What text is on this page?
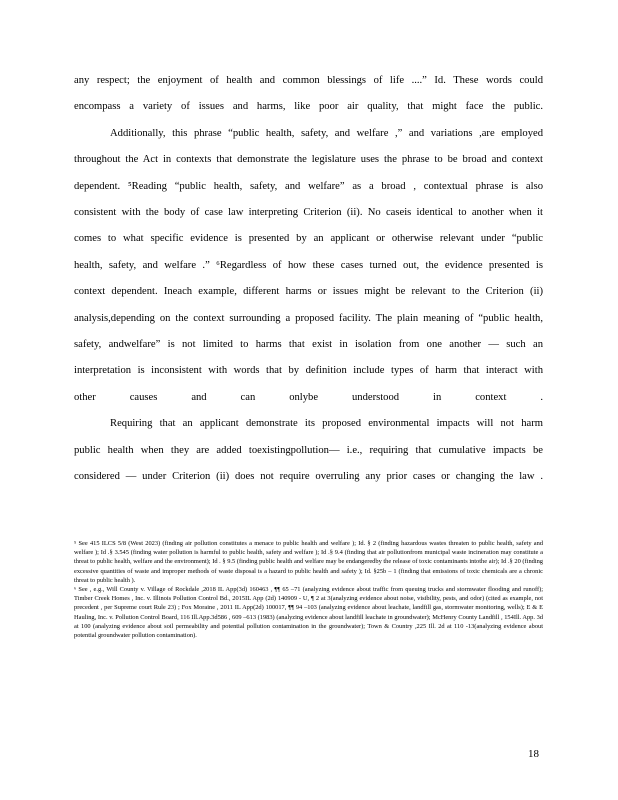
any respect; the enjoyment of health and common blessings of life ....” Id. These words could encompass a variety of issues and harms, like poor air quality, that might face the public.

Additionally, this phrase “public health, safety, and welfare ,” and variations ,are employed throughout the Act in contexts that demonstrate the legislature uses the phrase to be broad and context dependent. ⁵Reading “public health, safety, and welfare” as a broad , contextual phrase is also consistent with the body of case law interpreting Criterion (ii). No caseis identical to another when it comes to what specific evidence is presented by an applicant or otherwise relevant under “public health, safety, and welfare .” ⁶Regardless of how these cases turned out, the evidence presented is context dependent. Ineach example, different harms or issues might be relevant to the Criterion (ii) analysis,depending on the context surrounding a proposed facility. The plain meaning of “public health, safety, andwelfare” is not limited to harms that exist in isolation from one another — such an interpretation is inconsistent with words that by definition include types of harm that interact with other causes and can onlybe understood in context .

Requiring that an applicant demonstrate its proposed environmental impacts will not harm public health when they are added toexistingpollution— i.e., requiring that cumulative impacts be considered — under Criterion (ii) does not require overruling any prior cases or changing the law .

⁵ See 415 ILCS 5/8 (West 2023) (finding air pollution constitutes a menace to public health and welfare ); Id. § 2 (finding hazardous wastes threaten to public health, safety and welfare ); Id .§ 3.545 (finding water pollution is harmful to public health, safety and welfare ); Id .§ 9.4 (finding that air pollutionfrom municipal waste incineration may constitute a threat to public health, welfare and the environment); Id . § 9.5 (finding public health and welfare may be endangeredby the release of toxic contaminants intothe air); Id .§ 20 (finding excessive quantities of waste and improper methods of waste disposal is a hazard to public health and safety ); Id. §25b – 1 (finding that emissions of toxic chemicals are a chronic threat to public health ).

⁶ See , e.g., Will County v. Village of Rockdale ,2018 IL App(3d) 160463 , ¶¶ 65 –71 (analyzing evidence about traffic from queuing trucks and stormwater flooding and runoff); Timber Creek Homes , Inc. v. Illinois Pollution Control Bd., 2015IL App (2d) 140909 - U, ¶ 2 at 3(analyzing evidence about noise, visibility, pests, and odor) (cited as example, not precedent , per Supreme court Rule 23) ; Fox Moraine , 2011 IL App(2d) 100017, ¶¶ 94 –103 (analyzing evidence about leachate, landfill gas, stormwater monitoring, wells); E & E Hauling, Inc. v. Pollution Control Board, 116 Ill.App.3d586 , 609 –613 (1983) (analyzing evidence about landfill leachate in groundwater); McHenry County Landfill , 154Ill. App. 3d at 100 (analyzing evidence about soil permeability and potential pollution contamination in the groundwater); Town & Country ,225 Ill. 2d at 110 -13(analyzing evidence about potential groundwater pollution contamination).

18
